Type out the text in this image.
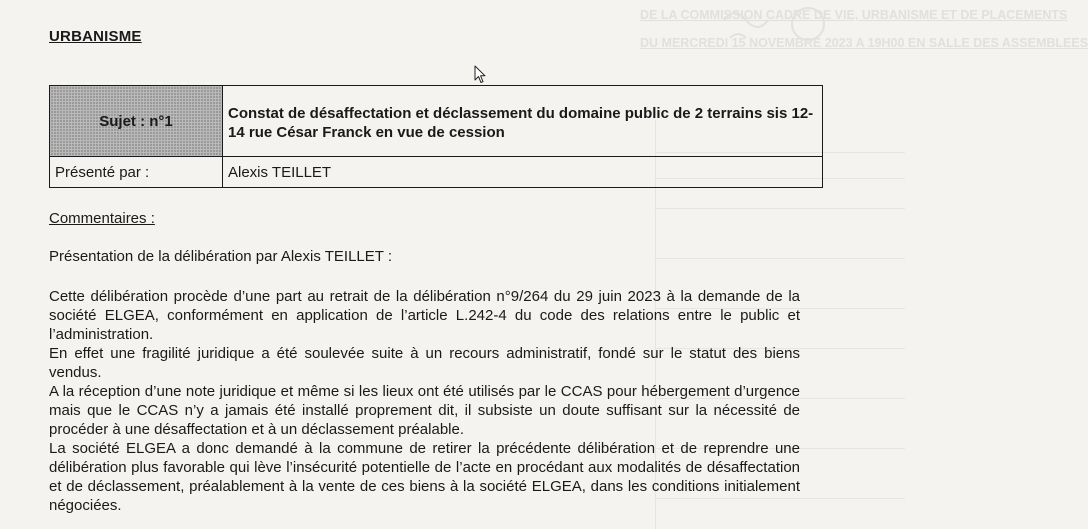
DE LA COMMISSION CADRE DE VIE, URBANISME ET DE PLACEMENTS
DU MERCREDI 15 NOVEMBRE 2023 A 19H00 EN SALLE DES ASSEMBLEES
URBANISME
Sujet : n°1	Constat de désaffectation et déclassement du domaine public de 2 terrains sis 12-14 rue César Franck en vue de cession
Présenté par :	Alexis TEILLET
Commentaires :
Présentation de la délibération par Alexis TEILLET :

Cette délibération procède d’une part au retrait de la délibération n°9/264 du 29 juin 2023 à la demande de la société ELGEA, conformément en application de l’article L.242-4 du code des relations entre le public et l’administration.

En effet une fragilité juridique a été soulevée suite à un recours administratif, fondé sur le statut des biens vendus.

A la réception d’une note juridique et même si les lieux ont été utilisés par le CCAS pour hébergement d’urgence mais que le CCAS n’y a jamais été installé proprement dit, il subsiste un doute suffisant sur la nécessité de procéder à une désaffectation et à un déclassement préalable.

La société ELGEA a donc demandé à la commune de retirer la précédente délibération et de reprendre une délibération plus favorable qui lève l’insécurité potentielle de l’acte en procédant aux modalités de désaffectation et de déclassement, préalablement à la vente de ces biens à la société ELGEA, dans les conditions initialement négociées.
